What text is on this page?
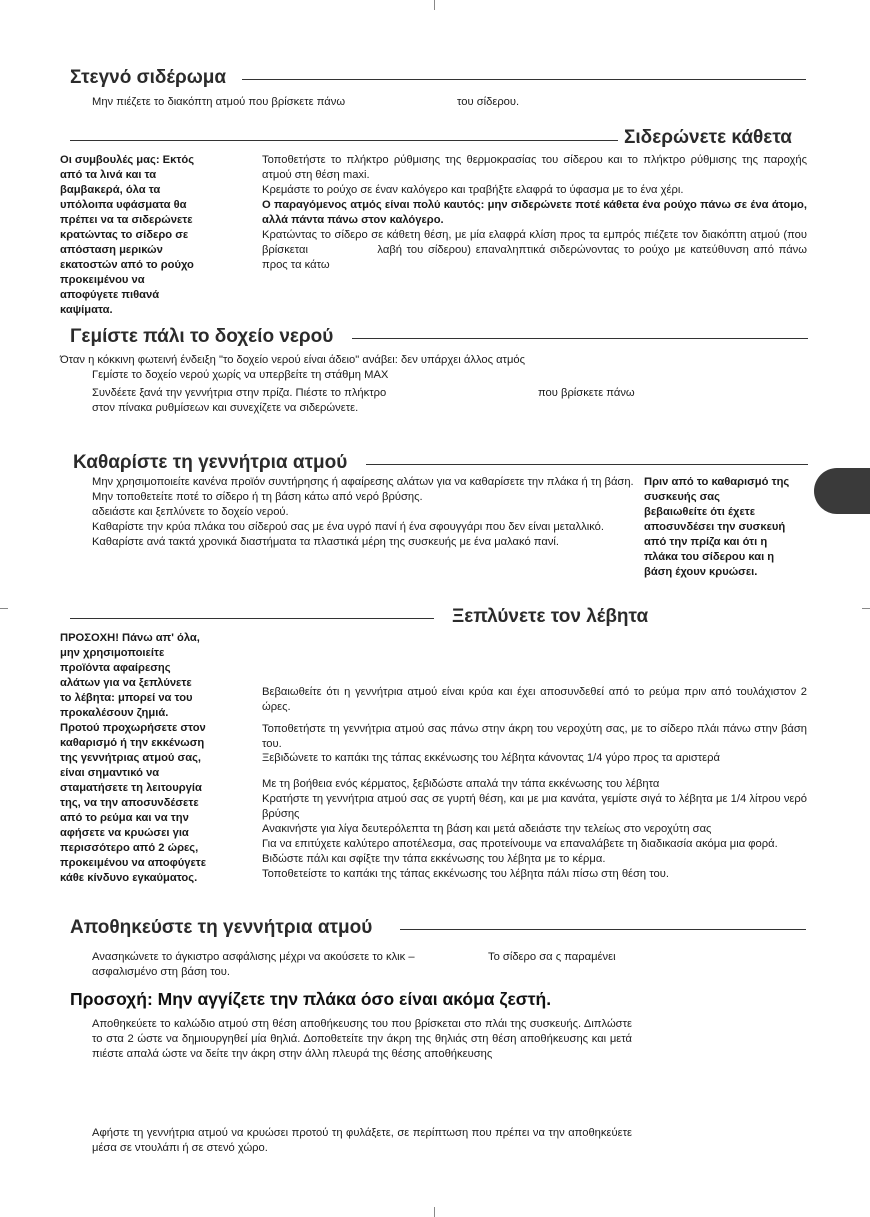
Στεγνό σιδέρωμα
Μην πιέζετε το διακόπτη ατμού που βρίσκετε πάνω	του σίδερου.
Σιδερώνετε κάθετα
Οι συμβουλές μας: Εκτός
από τα λινά και τα
βαμβακερά, όλα τα
υπόλοιπα υφάσματα θα
πρέπει να τα σιδερώνετε
κρατώντας το σίδερο σε
απόσταση μερικών
εκατοστών από το ρούχο
προκειμένου να
αποφύγετε πιθανά
καψίματα.

Τοποθετήστε το πλήκτρο ρύθμισης της θερμοκρασίας του σίδερου και το πλήκτρο ρύθμισης της παροχής ατμού στη θέση maxi.

Κρεμάστε το ρούχο σε έναν καλόγερο και τραβήξτε ελαφρά το ύφασμα με το ένα χέρι.

Ο παραγόμενος ατμός είναι πολύ καυτός: μην σιδερώνετε ποτέ κάθετα ένα ρούχο πάνω σε ένα άτομο, αλλά πάντα πάνω στον καλόγερο.

Κρατώντας το σίδερο σε κάθετη θέση, με μία ελαφρά κλίση προς τα εμπρός πιέζετε τον διακόπτη ατμού (που βρίσκεται	λαβή του σίδερου) επαναληπτικά σιδερώνοντας το ρούχο με κατεύθυνση από πάνω προς τα κάτω

Γεμίστε πάλι το δοχείο νερού
Όταν η κόκκινη φωτεινή ένδειξη "το δοχείο νερού είναι άδειο" ανάβει: δεν υπάρχει άλλος ατμός
Γεμίστε το δοχείο νερού χωρίς να υπερβείτε τη στάθμη MAX
Συνδέετε ξανά την γεννήτρια στην πρίζα. Πιέστε το πλήκτρο	που βρίσκετε πάνω
στον πίνακα ρυθμίσεων και συνεχίζετε να σιδερώνετε.
Καθαρίστε τη γεννήτρια ατμού

Μην χρησιμοποιείτε κανένα προϊόν συντήρησης ή αφαίρεσης αλάτων για να καθαρίσετε την πλάκα ή τη βάση.

Μην τοποθετείτε ποτέ το σίδερο ή τη βάση κάτω από νερό βρύσης.

αδειάστε και ξεπλύνετε το δοχείο νερού.

Καθαρίστε την κρύα πλάκα του σίδερού σας με ένα υγρό πανί ή ένα σφουγγάρι που δεν είναι μεταλλικό.

Καθαρίστε ανά τακτά χρονικά διαστήματα τα πλαστικά μέρη της συσκευής με ένα μαλακό πανί.

Πριν από το καθαρισμό της
συσκευής σας
βεβαιωθείτε ότι έχετε
αποσυνδέσει την συσκευή
από την πρίζα και ότι η
πλάκα του σίδερου και η
βάση έχουν κρυώσει.
Ξεπλύνετε τον λέβητα
ΠΡΟΣΟΧΗ! Πάνω απ' όλα,
μην χρησιμοποιείτε
προϊόντα αφαίρεσης
αλάτων για να ξεπλύνετε
το λέβητα: μπορεί να του
προκαλέσουν ζημιά.
Προτού προχωρήσετε στον
καθαρισμό ή την εκκένωση
της γεννήτριας ατμού σας,
είναι σημαντικό να
σταματήσετε τη λειτουργία
της, να την αποσυνδέσετε
από το ρεύμα και να την
αφήσετε να κρυώσει για
περισσότερο από 2 ώρες,
προκειμένου να αποφύγετε
κάθε κίνδυνο εγκαύματος.
Βεβαιωθείτε ότι η γεννήτρια ατμού είναι κρύα και έχει αποσυνδεθεί από το ρεύμα πριν από τουλάχιστον 2 ώρες.
Τοποθετήστε τη γεννήτρια ατμού σας πάνω στην άκρη του νεροχύτη σας, με το σίδερο πλάι πάνω στην βάση του.
Ξεβιδώνετε το καπάκι της τάπας εκκένωσης του λέβητα κάνοντας 1/4 γύρο προς τα αριστερά

Με τη βοήθεια ενός κέρματος, ξεβιδώστε απαλά την τάπα εκκένωσης του λέβητα

Κρατήστε τη γεννήτρια ατμού σας σε γυρτή θέση, και με μια κανάτα, γεμίστε σιγά το λέβητα με 1/4 λίτρου νερό βρύσης

Ανακινήστε για λίγα δευτερόλεπτα τη βάση και μετά αδειάστε την τελείως στο νεροχύτη σας

Για να επιτύχετε καλύτερο αποτέλεσμα, σας προτείνουμε να επαναλάβετε τη διαδικασία ακόμα μια φορά.

Βιδώστε πάλι και σφίξτε την τάπα εκκένωσης του λέβητα με το κέρμα.

Τοποθετείστε το καπάκι της τάπας εκκένωσης του λέβητα πάλι πίσω στη θέση του.

Αποθηκεύστε τη γεννήτρια ατμού
Ανασηκώνετε το άγκιστρο ασφάλισης μέχρι να ακούσετε το κλικ –	Το σίδερο σα ς παραμένει
ασφαλισμένο στη βάση του.
Προσοχή: Μην αγγίζετε την πλάκα όσο είναι ακόμα ζεστή.
Αποθηκεύετε το καλώδιο ατμού στη θέση αποθήκευσης του που βρίσκεται στο πλάι της συσκευής. Διπλώστε το στα 2 ώστε να δημιουργηθεί μία θηλιά. Δοποθετείτε την άκρη της θηλιάς στη θέση αποθήκευσης και μετά πιέστε απαλά ώστε να δείτε την άκρη στην άλλη πλευρά της θέσης αποθήκευσης
Αφήστε τη γεννήτρια ατμού να κρυώσει προτού τη φυλάξετε, σε περίπτωση που πρέπει να την αποθηκεύετε μέσα σε ντουλάπι ή σε στενό χώρο.
